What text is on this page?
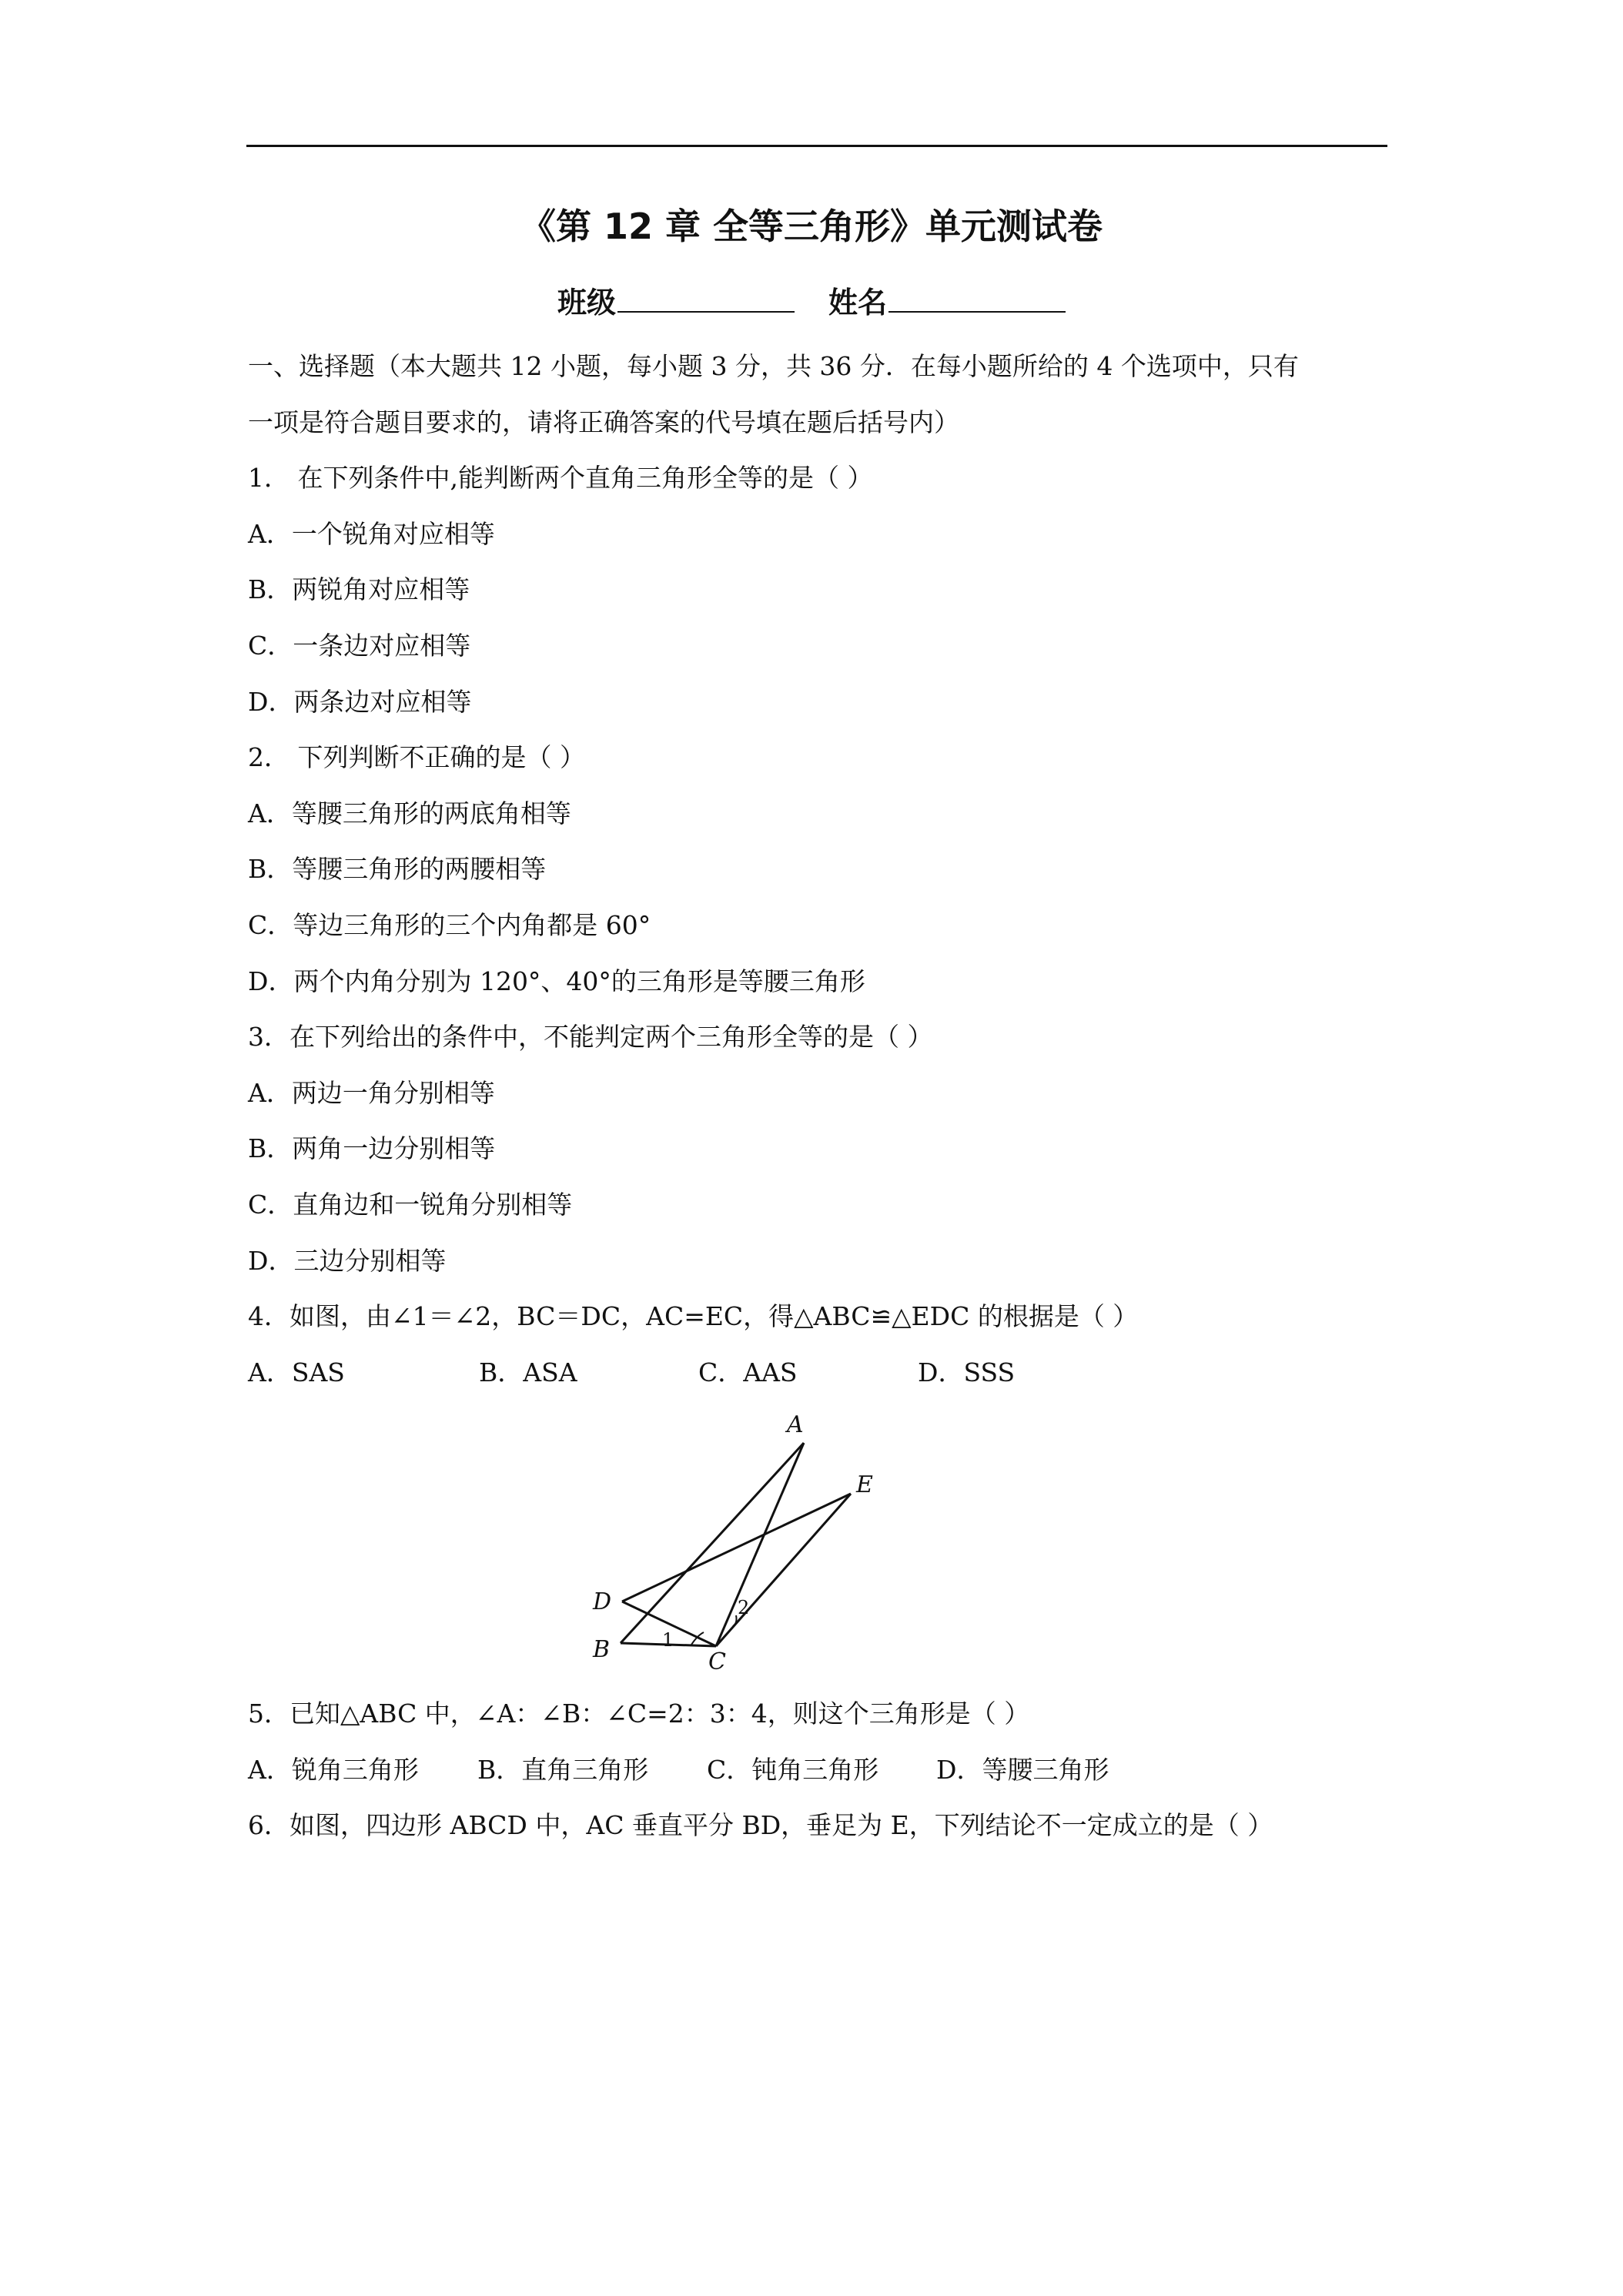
《第 12 章 全等三角形》单元测试卷
班级	姓名
一、选择题（本大题共 12 小题，每小题 3 分，共 36 分．在每小题所给的 4 个选项中，只有
一项是符合题目要求的，请将正确答案的代号填在题后括号内）
1． 在下列条件中,能判断两个直角三角形全等的是（ ）
A．一个锐角对应相等
B．两锐角对应相等
C．一条边对应相等
D．两条边对应相等
2． 下列判断不正确的是（ ）
A．等腰三角形的两底角相等
B．等腰三角形的两腰相等
C．等边三角形的三个内角都是 60°
D．两个内角分别为 120°、40°的三角形是等腰三角形
3．在下列给出的条件中，不能判定两个三角形全等的是（ ）
A．两边一角分别相等
B．两角一边分别相等
C．直角边和一锐角分别相等
D．三边分别相等
4．如图，由∠1＝∠2，BC＝DC，AC=EC，得△ABC≌△EDC 的根据是（ ）
A．SAS	B．ASA	C．AAS	D．SSS
A
E
D
B	C
1
2
5．已知△ABC 中，∠A：∠B：∠C=2：3：4，则这个三角形是（ ）
A．锐角三角形 B．直角三角形 C．钝角三角形 D．等腰三角形
6．如图，四边形 ABCD 中，AC 垂直平分 BD，垂足为 E，下列结论不一定成立的是（ ）
